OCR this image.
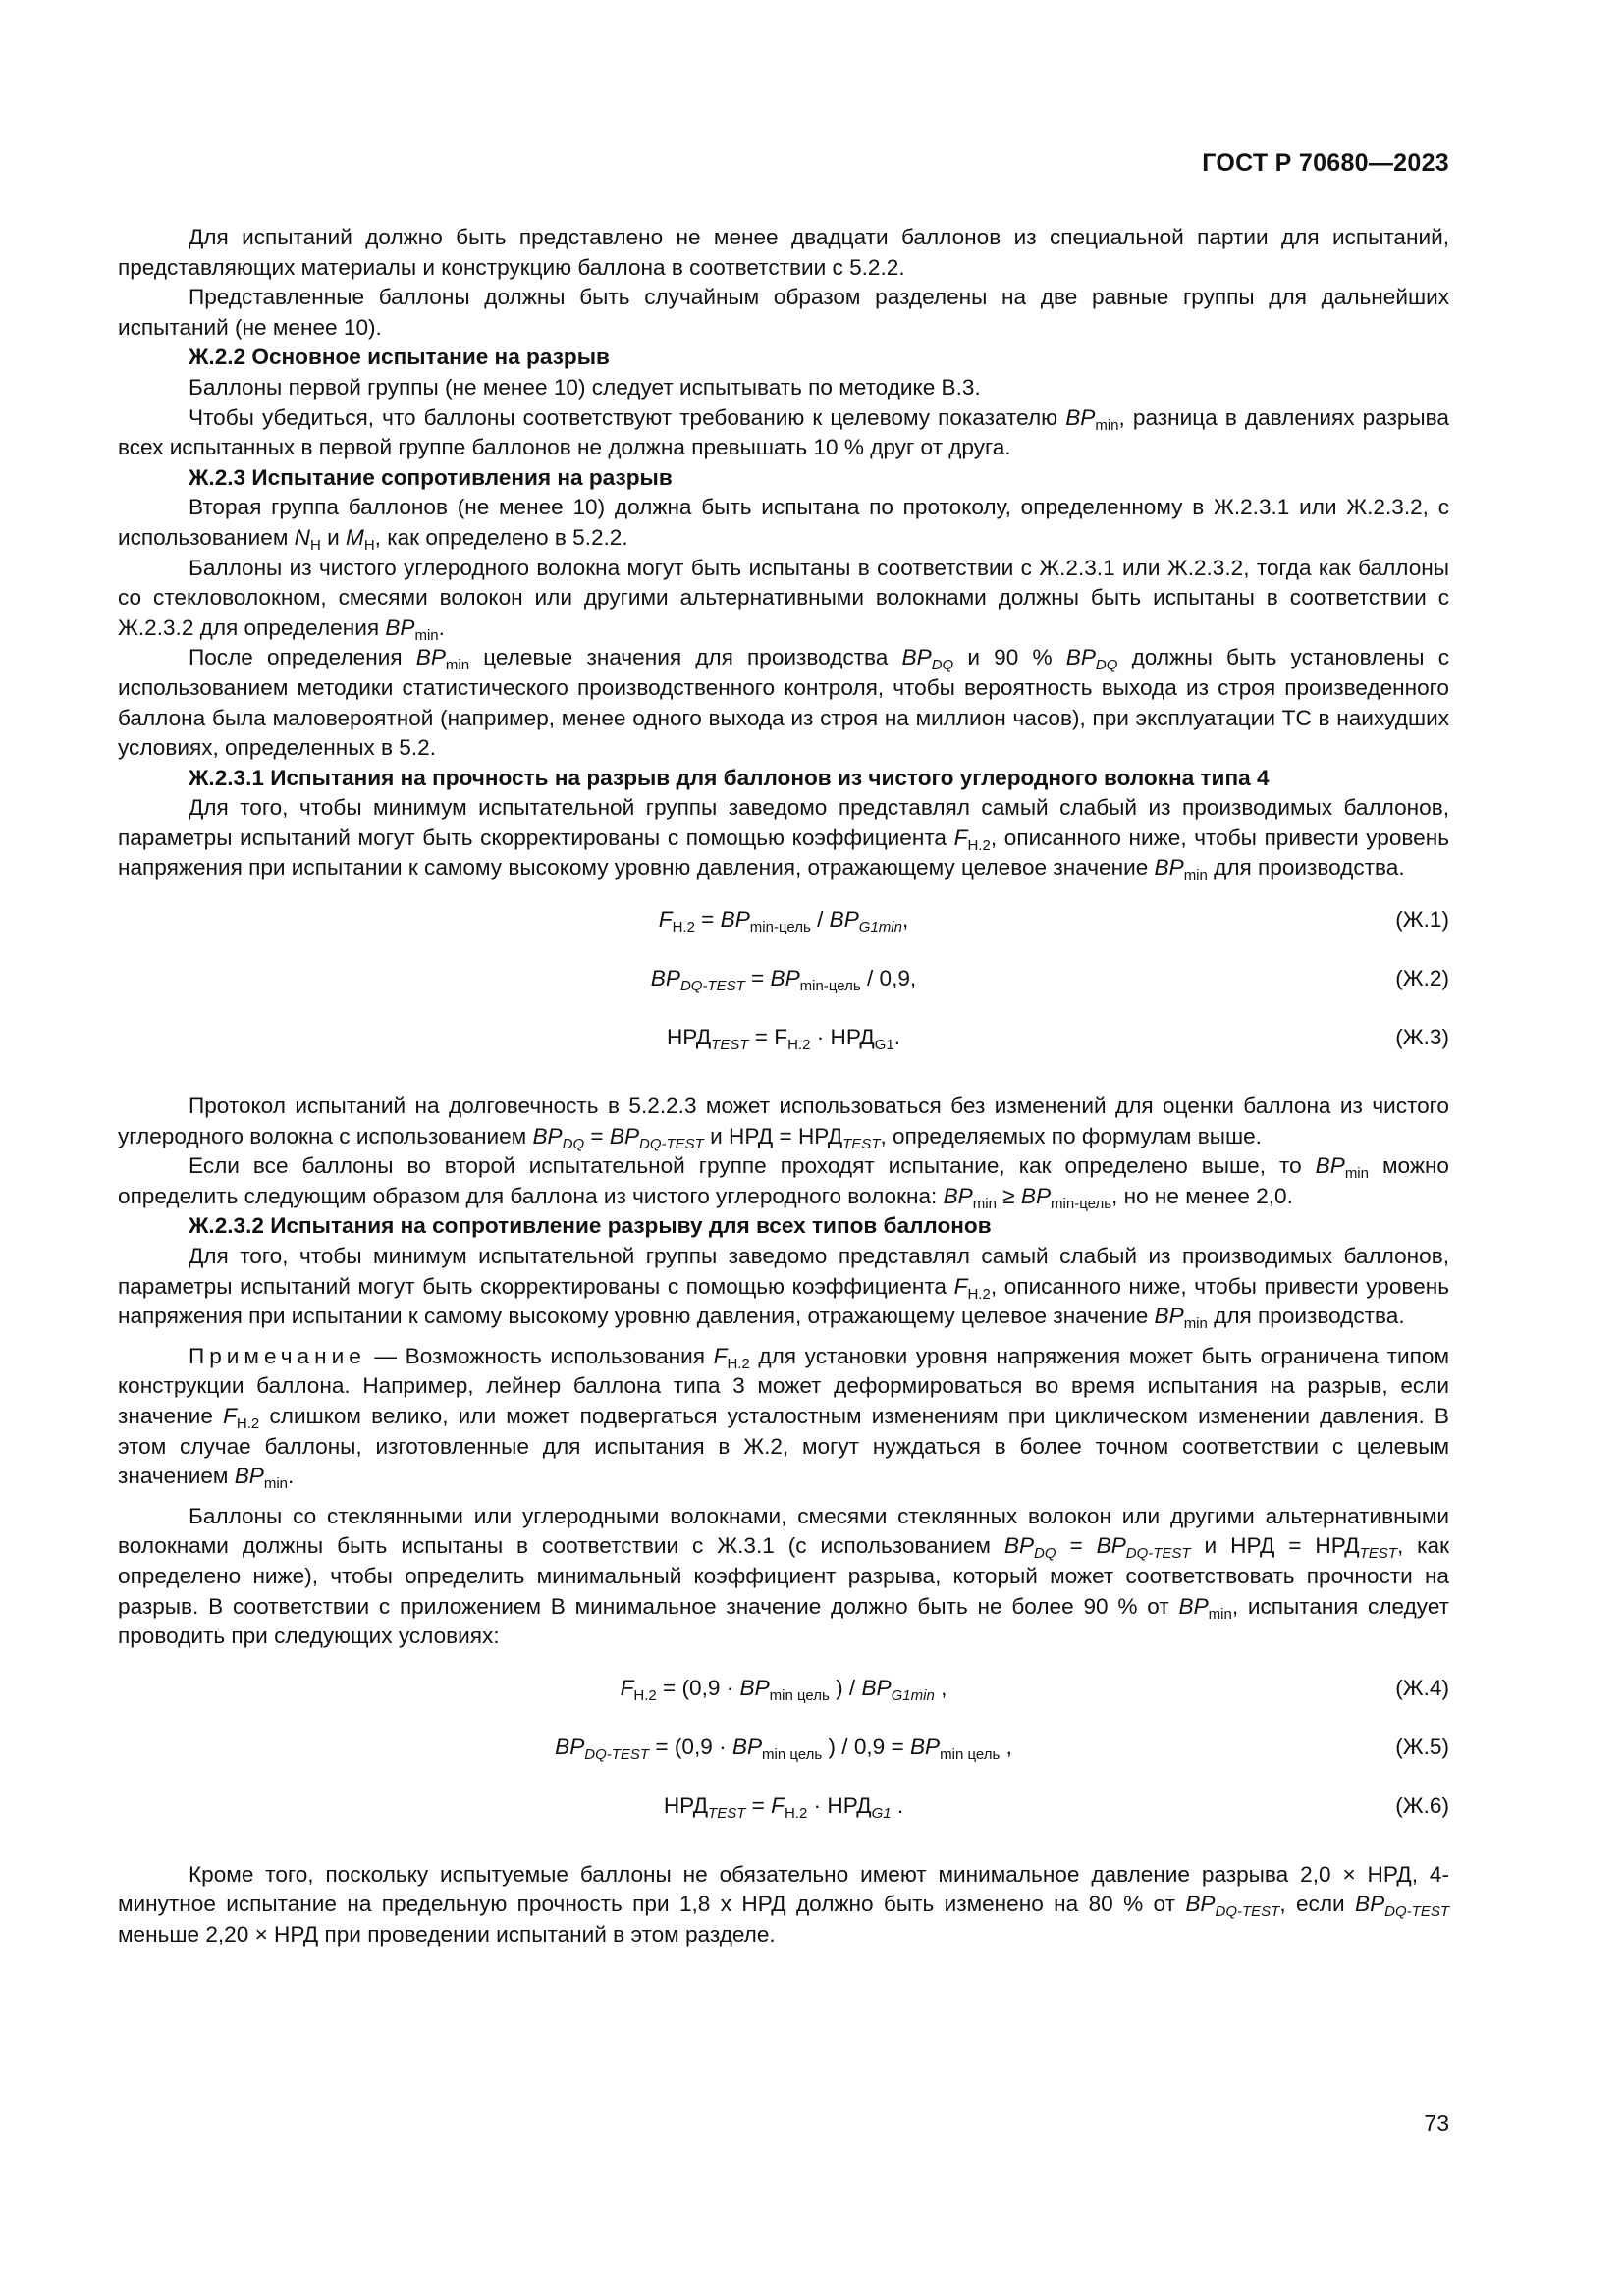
ГОСТ Р 70680—2023

Для испытаний должно быть представлено не менее двадцати баллонов из специальной партии для испытаний, представляющих материалы и конструкцию баллона в соответствии с 5.2.2.

Представленные баллоны должны быть случайным образом разделены на две равные группы для дальнейших испытаний (не менее 10).

Ж.2.2 Основное испытание на разрыв

Баллоны первой группы (не менее 10) следует испытывать по методике В.3.

Чтобы убедиться, что баллоны соответствуют требованию к целевому показателю $BP_{min}$, разница в давлениях разрыва всех испытанных в первой группе баллонов не должна превышать 10 % друг от друга.

Ж.2.3 Испытание сопротивления на разрыв

Вторая группа баллонов (не менее 10) должна быть испытана по протоколу, определенному в Ж.2.3.1 или Ж.2.3.2, с использованием $N_Н$ и $M_Н$, как определено в 5.2.2.

Баллоны из чистого углеродного волокна могут быть испытаны в соответствии с Ж.2.3.1 или Ж.2.3.2, тогда как баллоны со стекловолокном, смесями волокон или другими альтернативными волокнами должны быть испытаны в соответствии с Ж.2.3.2 для определения $BP_{min}$.

После определения $BP_{min}$ целевые значения для производства $BP_{DQ}$ и 90 % $BP_{DQ}$ должны быть установлены с использованием методики статистического производственного контроля, чтобы вероятность выхода из строя произведенного баллона была маловероятной (например, менее одного выхода из строя на миллион часов), при эксплуатации ТС в наихудших условиях, определенных в 5.2.

Ж.2.3.1 Испытания на прочность на разрыв для баллонов из чистого углеродного волокна типа 4

Для того, чтобы минимум испытательной группы заведомо представлял самый слабый из производимых баллонов, параметры испытаний могут быть скорректированы с помощью коэффициента $F_{Н.2}$, описанного ниже, чтобы привести уровень напряжения при испытании к самому высокому уровню давления, отражающему целевое значение $BP_{min}$ для производства.

$F_{Н.2} = BP_{min-цель} / BP_{G1min}$,	(Ж.1)
$BP_{DQ-TEST} = BP_{min-цель} / 0,9$,	(Ж.2)
$НРД_{TEST} = F_{Н.2} \cdot НРД_{G1}$.	(Ж.3)

Протокол испытаний на долговечность в 5.2.2.3 может использоваться без изменений для оценки баллона из чистого углеродного волокна с использованием $BP_{DQ} = BP_{DQ-TEST}$ и НРД = $НРД_{TEST}$, определяемых по формулам выше.

Если все баллоны во второй испытательной группе проходят испытание, как определено выше, то $BP_{min}$ можно определить следующим образом для баллона из чистого углеродного волокна: $BP_{min} \ge BP_{min-цель}$, но не менее 2,0.

Ж.2.3.2 Испытания на сопротивление разрыву для всех типов баллонов

Для того, чтобы минимум испытательной группы заведомо представлял самый слабый из производимых баллонов, параметры испытаний могут быть скорректированы с помощью коэффициента $F_{Н.2}$, описанного ниже, чтобы привести уровень напряжения при испытании к самому высокому уровню давления, отражающему целевое значение $BP_{min}$ для производства.

Примечание — Возможность использования $F_{Н.2}$ для установки уровня напряжения может быть ограничена типом конструкции баллона. Например, лейнер баллона типа 3 может деформироваться во время испытания на разрыв, если значение $F_{Н.2}$ слишком велико, или может подвергаться усталостным изменениям при циклическом изменении давления. В этом случае баллоны, изготовленные для испытания в Ж.2, могут нуждаться в более точном соответствии с целевым значением $BP_{min}$.

Баллоны со стеклянными или углеродными волокнами, смесями стеклянных волокон или другими альтернативными волокнами должны быть испытаны в соответствии с Ж.3.1 (с использованием $BP_{DQ} = BP_{DQ-TEST}$ и НРД = $НРД_{TEST}$, как определено ниже), чтобы определить минимальный коэффициент разрыва, который может соответствовать прочности на разрыв. В соответствии с приложением В минимальное значение должно быть не более 90 % от $BP_{min}$, испытания следует проводить при следующих условиях:

$F_{Н.2} = (0,9 \cdot BP_{min цель}$ ) / $BP_{G1min}$ ,	(Ж.4)
$BP_{DQ-TEST} = (0,9 \cdot BP_{min цель}$ ) / $0,9 = BP_{min цель}$ ,	(Ж.5)
$НРД_{TEST} = F_{Н.2} \cdot НРД_{G1}$ .	(Ж.6)

Кроме того, поскольку испытуемые баллоны не обязательно имеют минимальное давление разрыва 2,0 × НРД, 4-минутное испытание на предельную прочность при 1,8 х НРД должно быть изменено на 80 % от $BP_{DQ-TEST}$, если $BP_{DQ-TEST}$ меньше 2,20 × НРД при проведении испытаний в этом разделе.

73
